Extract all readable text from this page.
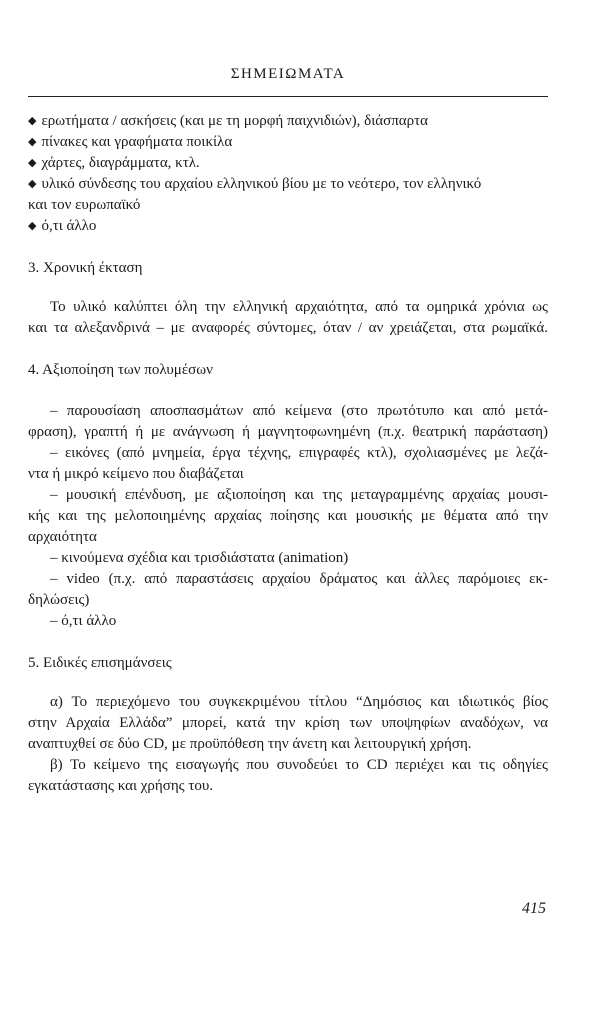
ΣΗΜΕΙΩΜΑΤΑ
◆ ερωτήματα / ασκήσεις (και με τη μορφή παιχνιδιών), διάσπαρτα
◆ πίνακες και γραφήματα ποικίλα
◆ χάρτες, διαγράμματα, κτλ.
◆ υλικό σύνδεσης του αρχαίου ελληνικού βίου με το νεότερο, τον ελληνικό
και τον ευρωπαϊκό
◆ ό,τι άλλο
3. Χρονική έκταση
Το υλικό καλύπτει όλη την ελληνική αρχαιότητα, από τα ομηρικά χρόνια ως
και τα αλεξανδρινά – με αναφορές σύντομες, όταν / αν χρειάζεται, στα ρωμαϊκά.
4. Αξιοποίηση των πολυμέσων
– παρουσίαση αποσπασμάτων από κείμενα (στο πρωτότυπο και από μετά-
φραση), γραπτή ή με ανάγνωση ή μαγνητοφωνημένη (π.χ. θεατρική παράσταση)
– εικόνες (από μνημεία, έργα τέχνης, επιγραφές κτλ), σχολιασμένες με λεζά-
ντα ή μικρό κείμενο που διαβάζεται
– μουσική επένδυση, με αξιοποίηση και της μεταγραμμένης αρχαίας μουσι-
κής και της μελοποιημένης αρχαίας ποίησης και μουσικής με θέματα από την
αρχαιότητα
– κινούμενα σχέδια και τρισδιάστατα (animation)
– video (π.χ. από παραστάσεις αρχαίου δράματος και άλλες παρόμοιες εκ-
δηλώσεις)
– ό,τι άλλο
5. Ειδικές επισημάνσεις
α) Το περιεχόμενο του συγκεκριμένου τίτλου “Δημόσιος και ιδιωτικός βίος
στην Αρχαία Ελλάδα” μπορεί, κατά την κρίση των υποψηφίων αναδόχων, να
αναπτυχθεί σε δύο CD, με προϋπόθεση την άνετη και λειτουργική χρήση.
β) Το κείμενο της εισαγωγής που συνοδεύει το CD περιέχει και τις οδηγίες
εγκατάστασης και χρήσης του.
415
